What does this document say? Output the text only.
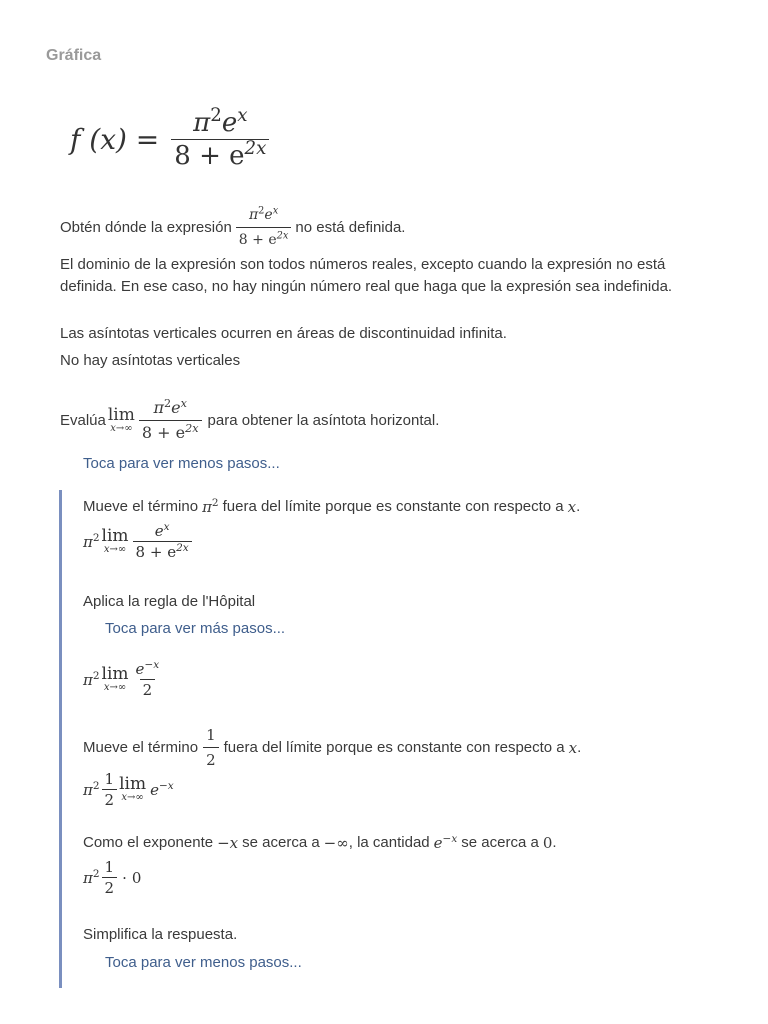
Gráfica
f $(x) = \frac{\pi^2e^x}{8 + e^{2x}}$
Obtén dónde la expresión $\frac{\pi^2e^x}{8 + e^{2x}}$ no está definida.
El dominio de la expresión son todos números reales, excepto cuando la expresión no está definida. En ese caso, no hay ningún número real que haga que la expresión sea indefinida.
Las asíntotas verticales ocurren en áreas de discontinuidad infinita.
No hay asíntotas verticales
Evalúa lim
$x\to\infty \frac{\pi^2e^x}{8 + e^{2x}}$ para obtener la asíntota horizontal.
Toca para ver menos pasos...
Mueve el término $\pi^2$ fuera del límite porque es constante con respecto a x .
$\pi^2$ lim
$x\to\infty \frac{e^x}{8 + e^{2x}}$
Aplica la regla de l'Hôpital
Toca para ver más pasos...
$\pi^2$ lim
$x\to\infty \frac{e^{-x}}{2}$
Mueve el término $\frac{1}{2}$ fuera del límite porque es constante con respecto a x .
$\pi^2 \frac{1}{2}$ lim
x→∞ $e^{-x}$
Como el exponente −x se acerca a −∞ , la cantidad $e^{-x}$ se acerca a 0 .
$\pi^2 \frac{1}{2} \cdot 0$
Simplifica la respuesta.
Toca para ver menos pasos...
